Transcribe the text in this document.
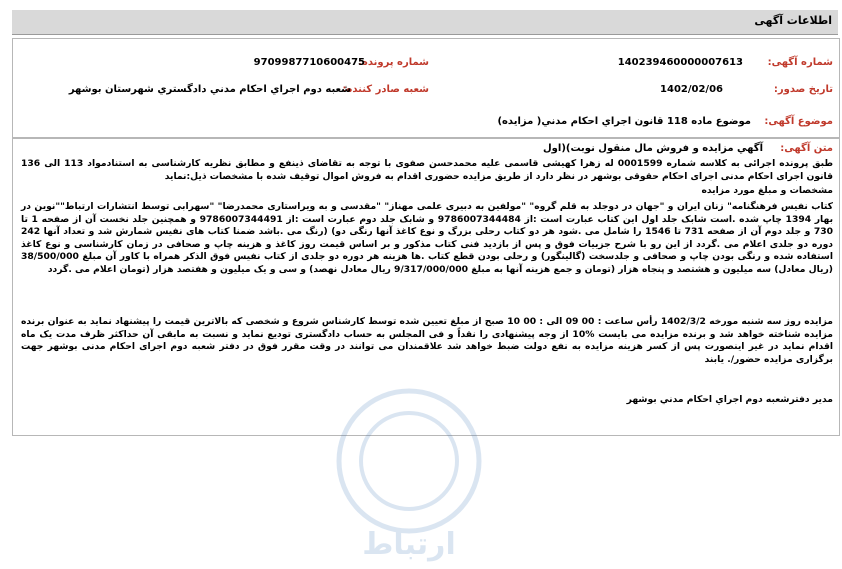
اطلاعات آگهی
شماره آگهی:
140239460000007613
شماره پرونده:
9709987710600475
تاریخ صدور:
1402/02/06
شعبه صادر کننده:
شعبه دوم اجراي احكام مدني دادگستري شهرستان بوشهر
موضوع آگهی:
موضوع ماده 118 قانون اجراي احكام مدني( مزايده)
ارتباط
متن آگهی:
آگهي مزايده و فروش مال منقول نوبت)(اول
طبق پرونده اجرائی به کلاسه شماره 0001599 له زهرا کهیشی قاسمی علیه محمدحسن صفوی با توجه به تقاضای ذینفع و مطابق نظریه کارشناسی به استنادمواد 113 الی 136 قانون اجرای احکام مدنی اجرای احکام حقوقی بوشهر در نظر دارد از طریق مزایده حضوری اقدام به فروش اموال توقیف شده با مشخصات ذیل:نماید
مشخصات و مبلغ مورد مزایده
کتاب نفیس فرهنگنامه" زنان ایران و "جهان در دوجلد به قلم گروه" "مولفین به دبیری علمی مهناز" "مقدسی و به ویراستاری محمدرضا" "سهرابی توسط انتشارات ارتباط""نوین در بهار 1394 چاپ شده .است شابک جلد اول این کتاب عبارت است :از 9786007344484 و شابک جلد دوم عبارت است :از 9786007344491 و همچنین جلد نخست آن از صفحه 1 تا 730 و جلد دوم آن از صفحه 731 تا 1546 را شامل می .شود هر دو کتاب رحلی بزرگ و نوع کاغذ آنها رنگی دو) (رنگ می .باشد ضمنا کتاب های نفیس شمارش شد و تعداد آنها 242 دوره دو جلدی اعلام می .گردد از این رو با شرح جزییات فوق و پس از بازدید فنی کتاب مذکور و بر اساس قیمت روز کاغذ و هزینه چاپ و صحافی در زمان کارشناسی و نوع کاغذ استفاده شده و رنگی بودن چاپ و صحافی و جلدسخت (گالینگور) و رحلی بودن قطع کتاب .ها هزینه هر دوره دو جلدی از کتاب نفیس فوق الذکر همراه با کاور آن مبلغ 38/500/000 (ریال معادل) سه میلیون و هشتصد و پنجاه هزار (تومان و جمع هزینه آنها به مبلغ 9/317/000/000 ریال معادل نهصد) و سی و یک میلیون و هفتصد هزار (تومان اعلام می .گردد
مزایده روز سه شنبه مورخه 1402/3/2 رأس ساعت : 00 09 الی : 00 10 صبح از مبلغ تعیین شده توسط کارشناس شروع و شخصی که بالاترین قیمت را پیشنهاد نماید به عنوان برنده مزایده شناخته خواهد شد و برنده مزایده می بایست %10 از وجه پیشنهادی را نقداً و فی المجلس به حساب دادگستری تودیع نماید و نسبت به مابقی آن حداکثر ظرف مدت یک ماه اقدام نماید در غیر اینصورت پس از کسر هزینه مزایده به نفع دولت ضبط خواهد شد علاقمندان می توانند در وقت مقرر فوق در دفتر شعبه دوم اجرای احکام مدنی بوشهر جهت برگزاری مزایده حضور/. یابند
مدير دفترشعبه دوم اجراي احكام مدني بوشهر
